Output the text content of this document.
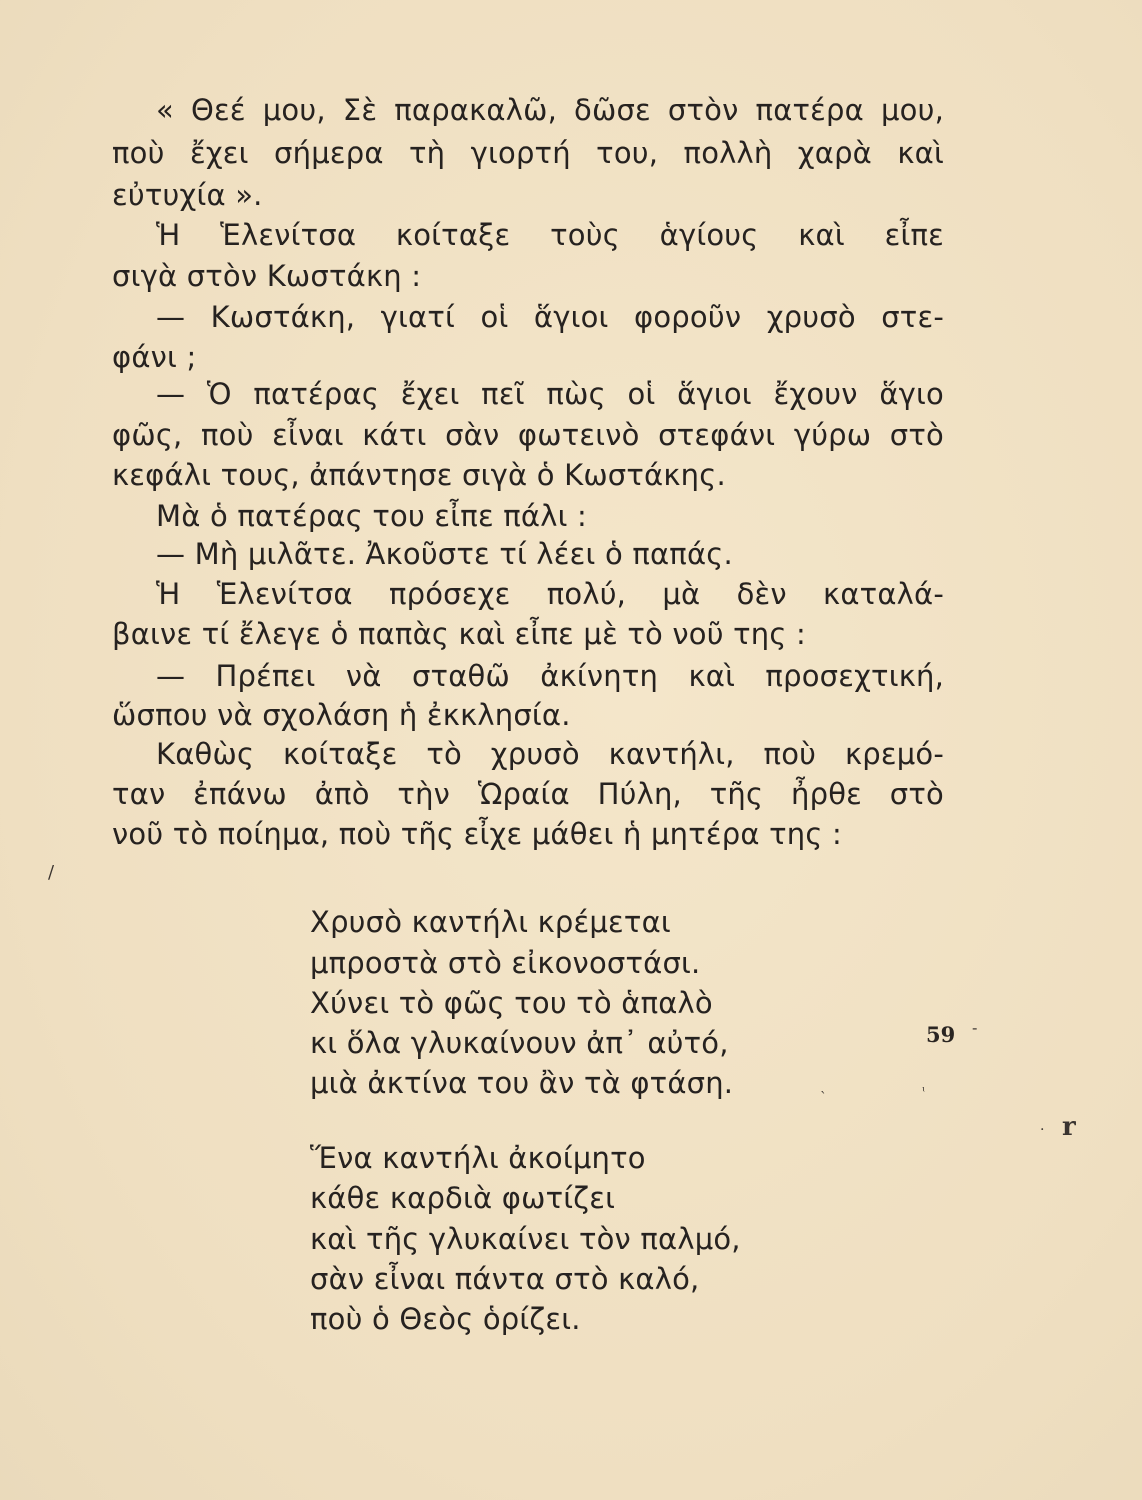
« Θεέ μου, Σὲ παρακαλῶ, δῶσε στὸν πατέρα μου,
ποὺ ἔχει σήμερα τὴ γιορτή του, πολλὴ χαρὰ καὶ
εὐτυχία ».
Ἡ Ἑλενίτσα κοίταξε τοὺς ἁγίους καὶ εἶπε
σιγὰ στὸν Κωστάκη :
— Κωστάκη, γιατί οἱ ἅγιοι φοροῦν χρυσὸ στε-
φάνι ;
— Ὁ πατέρας ἔχει πεῖ πὼς οἱ ἅγιοι ἔχουν ἅγιο
φῶς, ποὺ εἶναι κάτι σὰν φωτεινὸ στεφάνι γύρω στὸ
κεφάλι τους, ἀπάντησε σιγὰ ὁ Κωστάκης.
Μὰ ὁ πατέρας του εἶπε πάλι :
— Μὴ μιλᾶτε. Ἀκοῦστε τί λέει ὁ παπάς.
Ἡ Ἑλενίτσα πρόσεχε πολύ, μὰ δὲν καταλά-
βαινε τί ἔλεγε ὁ παπὰς καὶ εἶπε μὲ τὸ νοῦ της :
— Πρέπει νὰ σταθῶ ἀκίνητη καὶ προσεχτική,
ὥσπου νὰ σχολάση ἡ ἐκκλησία.
Καθὼς κοίταξε τὸ χρυσὸ καντήλι, ποὺ κρεμό-
ταν ἐπάνω ἀπὸ τὴν Ὡραία Πύλη, τῆς ἦρθε στὸ
νοῦ τὸ ποίημα, ποὺ τῆς εἶχε μάθει ἡ μητέρα της :
Χρυσὸ καντήλι κρέμεται
μπροστὰ στὸ εἰκονοστάσι.
Χύνει τὸ φῶς του τὸ ἁπαλὸ
κι ὅλα γλυκαίνουν ἀπ᾿ αὐτό,
μιὰ ἀκτίνα του ἂν τὰ φτάση.
Ἕνα καντήλι ἀκοίμητο
κάθε καρδιὰ φωτίζει
καὶ τῆς γλυκαίνει τὸν παλμό,
σὰν εἶναι πάντα στὸ καλό,
ποὺ ὁ Θεὸς ὁρίζει.
59
/
r
.
ᶥ
-
`
